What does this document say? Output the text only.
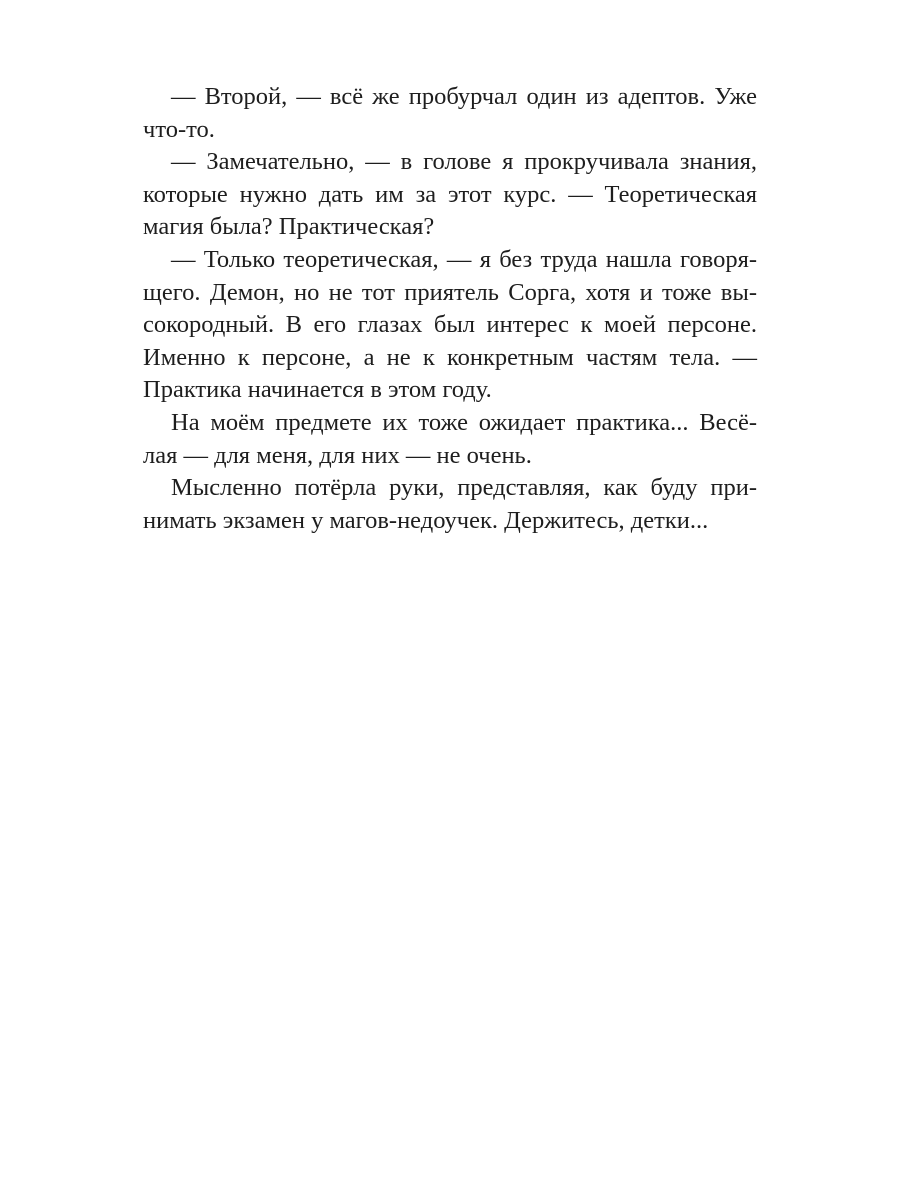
— Второй, — всё же пробурчал один из адептов. Уже
что-то.
— Замечательно, — в голове я прокручивала знания,
которые нужно дать им за этот курс. — Теоретическая
магия была? Практическая?
— Только теоретическая, — я без труда нашла говоря-
щего. Демон, но не тот приятель Сорга, хотя и тоже вы-
сокородный. В его глазах был интерес к моей персоне.
Именно к персоне, а не к конкретным частям тела. —
Практика начинается в этом году.
На моём предмете их тоже ожидает практика... Весё-
лая — для меня, для них — не очень.
Мысленно потёрла руки, представляя, как буду при-
нимать экзамен у магов-недоучек. Держитесь, детки...
